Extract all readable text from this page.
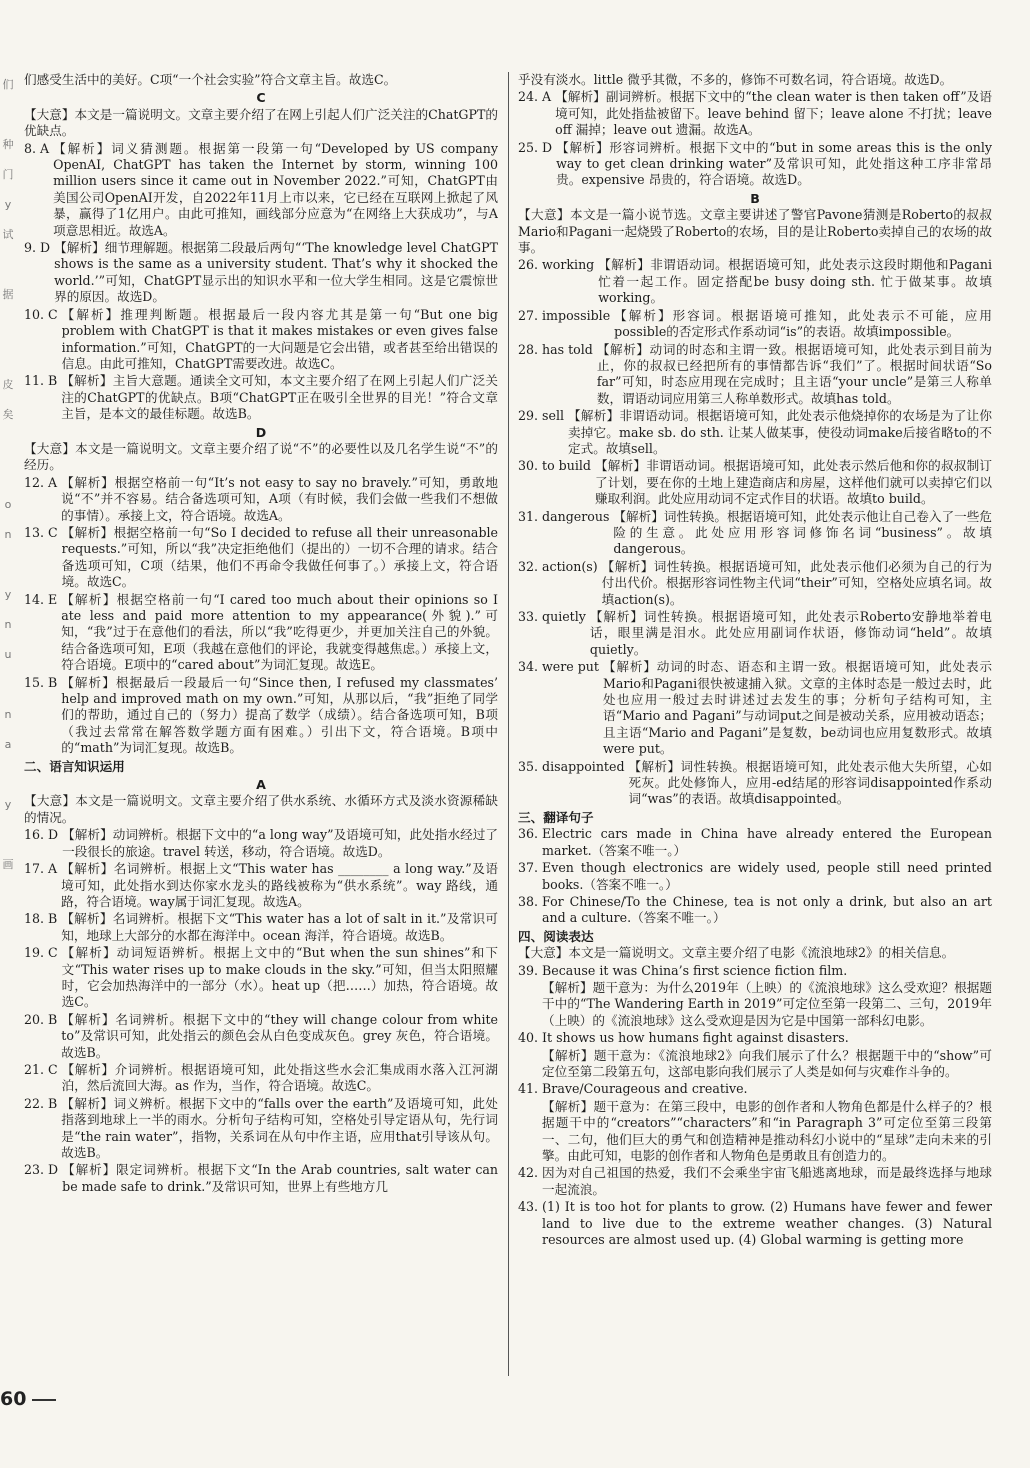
们

种
门
y
试

据

皮
矣

o
n

y
n
u

n
a

y

画
们感受生活中的美好。C项“一个社会实验”符合文章主旨。故选C。
C
【大意】本文是一篇说明文。文章主要介绍了在网上引起人们广泛关注的ChatGPT的优缺点。
8. A 【解析】词义猜测题。根据第一段第一句“Developed by US company OpenAI, ChatGPT has taken the Internet by storm, winning 100 million users since it came out in November 2022.”可知，ChatGPT由美国公司OpenAI开发，自2022年11月上市以来，它已经在互联网上掀起了风暴，赢得了1亿用户。由此可推知，画线部分应意为“在网络上大获成功”，与A项意思相近。故选A。
9. D 【解析】细节理解题。根据第二段最后两句“‘The knowledge level ChatGPT shows is the same as a university student. That’s why it shocked the world.’”可知，ChatGPT显示出的知识水平和一位大学生相同。这是它震惊世界的原因。故选D。
10. C 【解析】推理判断题。根据最后一段内容尤其是第一句“But one big problem with ChatGPT is that it makes mistakes or even gives false information.”可知，ChatGPT的一大问题是它会出错，或者甚至给出错误的信息。由此可推知，ChatGPT需要改进。故选C。
11. B 【解析】主旨大意题。通读全文可知，本文主要介绍了在网上引起人们广泛关注的ChatGPT的优缺点。B项“ChatGPT正在吸引全世界的目光！”符合文章主旨，是本文的最佳标题。故选B。
D
【大意】本文是一篇说明文。文章主要介绍了说“不”的必要性以及几名学生说“不”的经历。
12. A 【解析】根据空格前一句“It’s not easy to say no bravely.”可知，勇敢地说“不”并不容易。结合备选项可知，A项（有时候，我们会做一些我们不想做的事情）。承接上文，符合语境。故选A。
13. C 【解析】根据空格前一句“So I decided to refuse all their unreasonable requests.”可知，所以“我”决定拒绝他们（提出的）一切不合理的请求。结合备选项可知，C项（结果，他们不再命令我做任何事了。）承接上文，符合语境。故选C。
14. E 【解析】根据空格前一句“I cared too much about their opinions so I ate less and paid more attention to my appearance(外貌).”可知，“我”过于在意他们的看法，所以“我”吃得更少，并更加关注自己的外貌。结合备选项可知，E项（我越在意他们的评论，我就变得越焦虑。）承接上文，符合语境。E项中的“cared about”为词汇复现。故选E。
15. B 【解析】根据最后一段最后一句“Since then, I refused my classmates’ help and improved math on my own.”可知，从那以后，“我”拒绝了同学们的帮助，通过自己的（努力）提高了数学（成绩）。结合备选项可知，B项（我过去常常在解答数学题方面有困难。）引出下文，符合语境。B项中的“math”为词汇复现。故选B。
二、语言知识运用
A
【大意】本文是一篇说明文。文章主要介绍了供水系统、水循环方式及淡水资源稀缺的情况。
16. D 【解析】动词辨析。根据下文中的“a long way”及语境可知，此处指水经过了一段很长的旅途。travel 转送，移动，符合语境。故选D。
17. A 【解析】名词辨析。根据上文“This water has ________ a long way.”及语境可知，此处指水到达你家水龙头的路线被称为“供水系统”。way 路线，通路，符合语境。way属于词汇复现。故选A。
18. B 【解析】名词辨析。根据下文“This water has a lot of salt in it.”及常识可知，地球上大部分的水都在海洋中。ocean 海洋，符合语境。故选B。
19. C 【解析】动词短语辨析。根据上文中的“But when the sun shines”和下文“This water rises up to make clouds in the sky.”可知，但当太阳照耀时，它会加热海洋中的一部分（水）。heat up（把……）加热，符合语境。故选C。
20. B 【解析】名词辨析。根据下文中的“they will change colour from white to”及常识可知，此处指云的颜色会从白色变成灰色。grey 灰色，符合语境。故选B。
21. C 【解析】介词辨析。根据语境可知，此处指这些水会汇集成雨水落入江河湖泊，然后流回大海。as 作为，当作，符合语境。故选C。
22. B 【解析】词义辨析。根据下文中的“falls over the earth”及语境可知，此处指落到地球上一半的雨水。分析句子结构可知，空格处引导定语从句，先行词是“the rain water”，指物，关系词在从句中作主语，应用that引导该从句。故选B。
23. D 【解析】限定词辨析。根据下文“In the Arab countries, salt water can be made safe to drink.”及常识可知，世界上有些地方几
乎没有淡水。little 微乎其微，不多的，修饰不可数名词，符合语境。故选D。
24. A 【解析】副词辨析。根据下文中的“the clean water is then taken off”及语境可知，此处指盐被留下。leave behind 留下；leave alone 不打扰；leave off 漏掉；leave out 遗漏。故选A。
25. D 【解析】形容词辨析。根据下文中的“but in some areas this is the only way to get clean drinking water”及常识可知，此处指这种工序非常昂贵。expensive 昂贵的，符合语境。故选D。
B
【大意】本文是一篇小说节选。文章主要讲述了警官Pavone猜测是Roberto的叔叔Mario和Pagani一起烧毁了Roberto的农场，目的是让Roberto卖掉自己的农场的故事。
26. working 【解析】非谓语动词。根据语境可知，此处表示这段时期他和Pagani忙着一起工作。固定搭配be busy doing sth. 忙于做某事。故填working。
27. impossible 【解析】形容词。根据语境可推知，此处表示不可能，应用possible的否定形式作系动词“is”的表语。故填impossible。
28. has told 【解析】动词的时态和主谓一致。根据语境可知，此处表示到目前为止，你的叔叔已经把所有的事情都告诉“我们”了。根据时间状语“So far”可知，时态应用现在完成时；且主语“your uncle”是第三人称单数，谓语动词应用第三人称单数形式。故填has told。
29. sell 【解析】非谓语动词。根据语境可知，此处表示他烧掉你的农场是为了让你卖掉它。make sb. do sth. 让某人做某事，使役动词make后接省略to的不定式。故填sell。
30. to build 【解析】非谓语动词。根据语境可知，此处表示然后他和你的叔叔制订了计划，要在你的土地上建造商店和房屋，这样他们就可以卖掉它们以赚取利润。此处应用动词不定式作目的状语。故填to build。
31. dangerous 【解析】词性转换。根据语境可知，此处表示他让自己卷入了一些危险的生意。此处应用形容词修饰名词“business”。故填dangerous。
32. action(s) 【解析】词性转换。根据语境可知，此处表示他们必须为自己的行为付出代价。根据形容词性物主代词“their”可知，空格处应填名词。故填action(s)。
33. quietly 【解析】词性转换。根据语境可知，此处表示Roberto安静地举着电话，眼里满是泪水。此处应用副词作状语，修饰动词“held”。故填quietly。
34. were put 【解析】动词的时态、语态和主谓一致。根据语境可知，此处表示Mario和Pagani很快被逮捕入狱。文章的主体时态是一般过去时，此处也应用一般过去时讲述过去发生的事；分析句子结构可知，主语“Mario and Pagani”与动词put之间是被动关系，应用被动语态；且主语“Mario and Pagani”是复数，be动词也应用复数形式。故填were put。
35. disappointed 【解析】词性转换。根据语境可知，此处表示他大失所望，心如死灰。此处修饰人，应用-ed结尾的形容词disappointed作系动词“was”的表语。故填disappointed。
三、翻译句子
36. Electric cars made in China have already entered the European market.（答案不唯一。）
37. Even though electronics are widely used, people still need printed books.（答案不唯一。）
38. For Chinese/To the Chinese, tea is not only a drink, but also an art and a culture.（答案不唯一。）
四、阅读表达
【大意】本文是一篇说明文。文章主要介绍了电影《流浪地球2》的相关信息。
39. Because it was China’s first science fiction film.
【解析】题干意为：为什么2019年（上映）的《流浪地球》这么受欢迎？根据题干中的“The Wandering Earth in 2019”可定位至第一段第二、三句，2019年（上映）的《流浪地球》这么受欢迎是因为它是中国第一部科幻电影。
40. It shows us how humans fight against disasters.
【解析】题干意为：《流浪地球2》向我们展示了什么？根据题干中的“show”可定位至第二段第五句，这部电影向我们展示了人类是如何与灾难作斗争的。
41. Brave/Courageous and creative.
【解析】题干意为：在第三段中，电影的创作者和人物角色都是什么样子的？根据题干中的“creators”“characters”和“in Paragraph 3”可定位至第三段第一、二句，他们巨大的勇气和创造精神是推动科幻小说中的“星球”走向未来的引擎。由此可知，电影的创作者和人物角色是勇敢且有创造力的。
42. 因为对自己祖国的热爱，我们不会乘坐宇宙飞船逃离地球，而是最终选择与地球一起流浪。
43. (1) It is too hot for plants to grow. (2) Humans have fewer and fewer land to live due to the extreme weather changes. (3) Natural resources are almost used up. (4) Global warming is getting more
60
